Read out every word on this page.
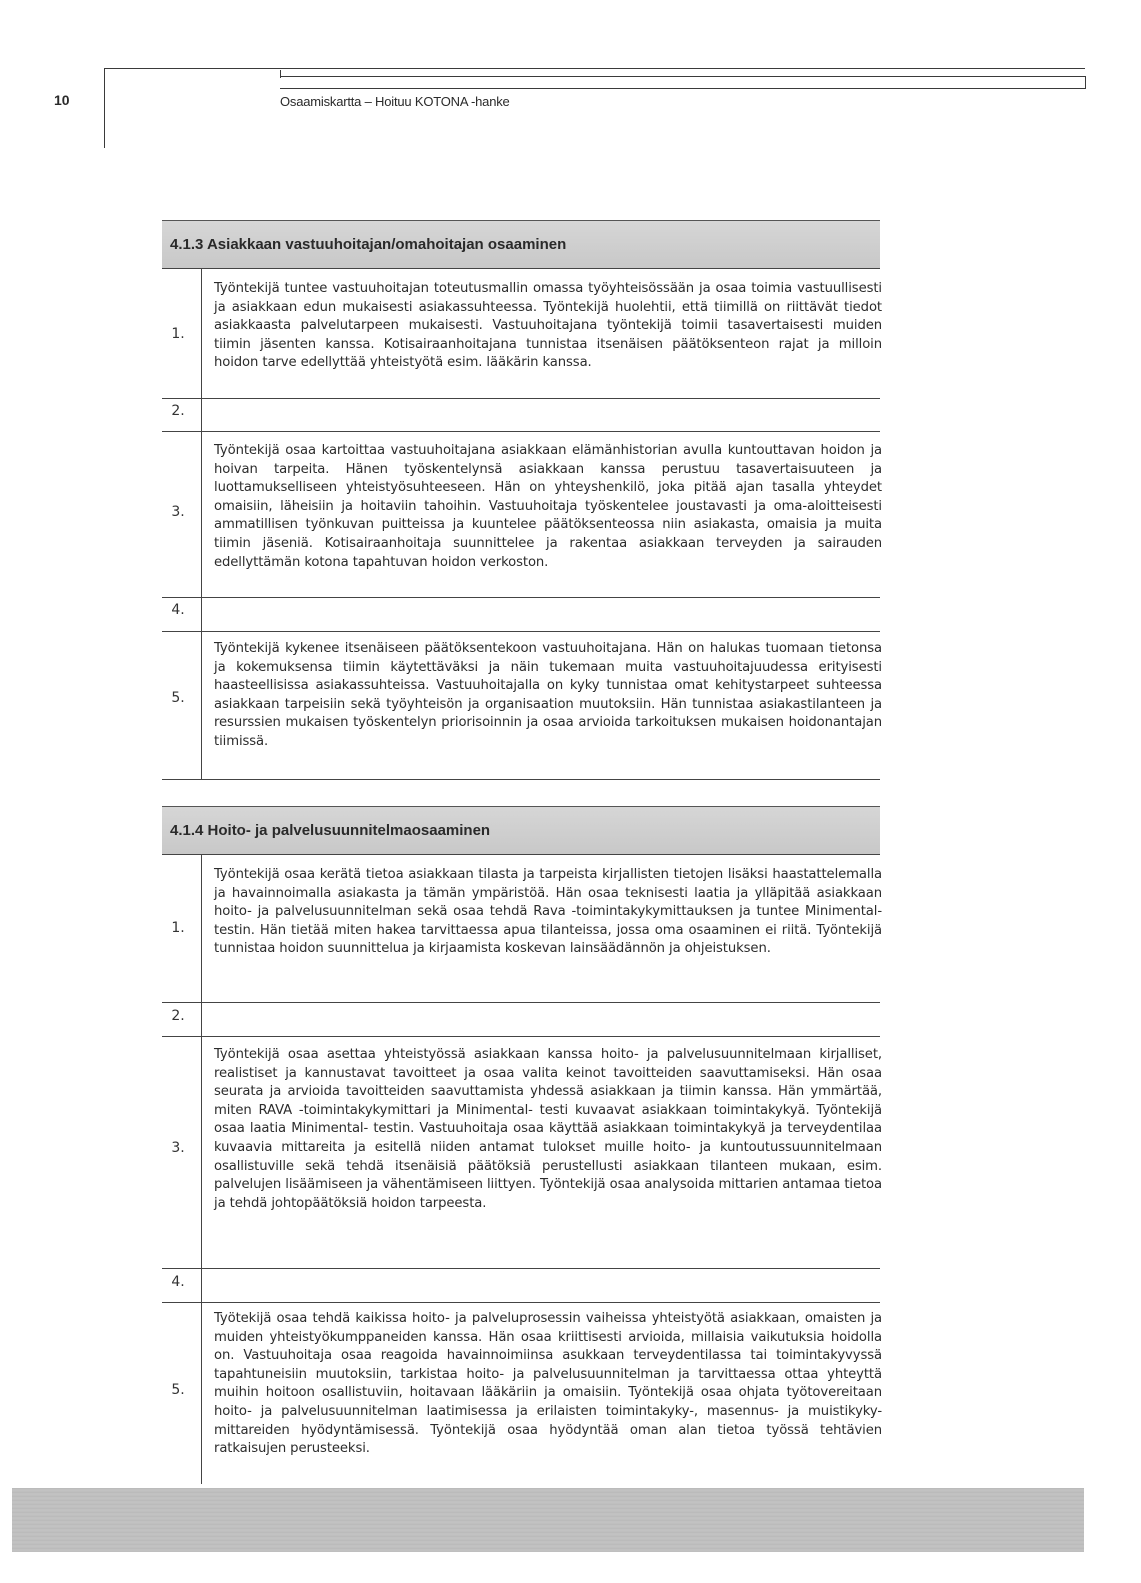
10	Osaamiskartta – Hoituu KOTONA -hanke
4.1.3 Asiakkaan vastuuhoitajan/omahoitajan osaaminen
1.
Työntekijä tuntee vastuuhoitajan toteutusmallin omassa työyhteisössään ja osaa toimia vastuullisesti ja asiakkaan edun mukaisesti asiakassuhteessa. Työntekijä huolehtii, että tiimillä on riittävät tiedot asiakkaasta palvelutarpeen mukaisesti. Vastuuhoitajana työntekijä toimii tasavertaisesti muiden tiimin jäsenten kanssa. Kotisairaanhoitajana tunnistaa itsenäisen päätöksenteon rajat ja milloin hoidon tarve edellyttää yhteistyötä esim. lääkärin kanssa.
2.
3.
Työntekijä osaa kartoittaa vastuuhoitajana asiakkaan elämänhistorian avulla kuntouttavan hoidon ja hoivan tarpeita. Hänen työskentelynsä asiakkaan kanssa perustuu tasavertaisuuteen ja luottamukselliseen yhteistyösuhteeseen. Hän on yhteyshenkilö, joka pitää ajan tasalla yhteydet omaisiin, läheisiin ja hoitaviin tahoihin. Vastuuhoitaja työskentelee joustavasti ja oma-aloitteisesti ammatillisen työnkuvan puitteissa ja kuuntelee päätöksenteossa niin asiakasta, omaisia ja muita tiimin jäseniä. Kotisairaanhoitaja suunnittelee ja rakentaa asiakkaan terveyden ja sairauden edellyttämän kotona tapahtuvan hoidon verkoston.
4.
5.
Työntekijä kykenee itsenäiseen päätöksentekoon vastuuhoitajana. Hän on halukas tuomaan tietonsa ja kokemuksensa tiimin käytettäväksi ja näin tukemaan muita vastuuhoitajuudessa erityisesti haasteellisissa asiakassuhteissa. Vastuuhoitajalla on kyky tunnistaa omat kehitystarpeet suhteessa asiakkaan tarpeisiin sekä työyhteisön ja organisaation muutoksiin. Hän tunnistaa asiakastilanteen ja resurssien mukaisen työskentelyn priorisoinnin ja osaa arvioida tarkoituksen mukaisen hoidonantajan tiimissä.
4.1.4 Hoito- ja palvelusuunnitelmaosaaminen
1.
Työntekijä osaa kerätä tietoa asiakkaan tilasta ja tarpeista kirjallisten tietojen lisäksi haastattelemalla ja havainnoimalla asiakasta ja tämän ympäristöä. Hän osaa teknisesti laatia ja ylläpitää asiakkaan hoito- ja palvelusuunnitelman sekä osaa tehdä Rava -toimintakykymittauksen ja tuntee Minimental-testin. Hän tietää miten hakea tarvittaessa apua tilanteissa, jossa oma osaaminen ei riitä. Työntekijä tunnistaa hoidon suunnittelua ja kirjaamista koskevan lainsäädännön ja ohjeistuksen.
2.
3.
Työntekijä osaa asettaa yhteistyössä asiakkaan kanssa hoito- ja palvelusuunnitelmaan kirjalliset, realistiset ja kannustavat tavoitteet ja osaa valita keinot tavoitteiden saavuttamiseksi. Hän osaa seurata ja arvioida tavoitteiden saavuttamista yhdessä asiakkaan ja tiimin kanssa. Hän ymmärtää, miten RAVA -toimintakykymittari ja Minimental- testi kuvaavat asiakkaan toimintakykyä. Työntekijä osaa laatia Minimental- testin. Vastuuhoitaja osaa käyttää asiakkaan toimintakykyä ja terveydentilaa kuvaavia mittareita ja esitellä niiden antamat tulokset muille hoito- ja kuntoutussuunnitelmaan osallistuville sekä tehdä itsenäisiä päätöksiä perustellusti asiakkaan tilanteen mukaan, esim. palvelujen lisäämiseen ja vähentämiseen liittyen. Työntekijä osaa analysoida mittarien antamaa tietoa ja tehdä johtopäätöksiä hoidon tarpeesta.
4.
5.
Työtekijä osaa tehdä kaikissa hoito- ja palveluprosessin vaiheissa yhteistyötä asiakkaan, omaisten ja muiden yhteistyökumppaneiden kanssa. Hän osaa kriittisesti arvioida, millaisia vaikutuksia hoidolla on. Vastuuhoitaja osaa reagoida havainnoimiinsa asukkaan terveydentilassa tai toimintakyvyssä tapahtuneisiin muutoksiin, tarkistaa hoito- ja palvelusuunnitelman ja tarvittaessa ottaa yhteyttä muihin hoitoon osallistuviin, hoitavaan lääkäriin ja omaisiin. Työntekijä osaa ohjata työtovereitaan hoito- ja palvelusuunnitelman laatimisessa ja erilaisten toimintakyky-, masennus- ja muistikyky- mittareiden hyödyntämisessä. Työntekijä osaa hyödyntää oman alan tietoa työssä tehtävien ratkaisujen perusteeksi.
